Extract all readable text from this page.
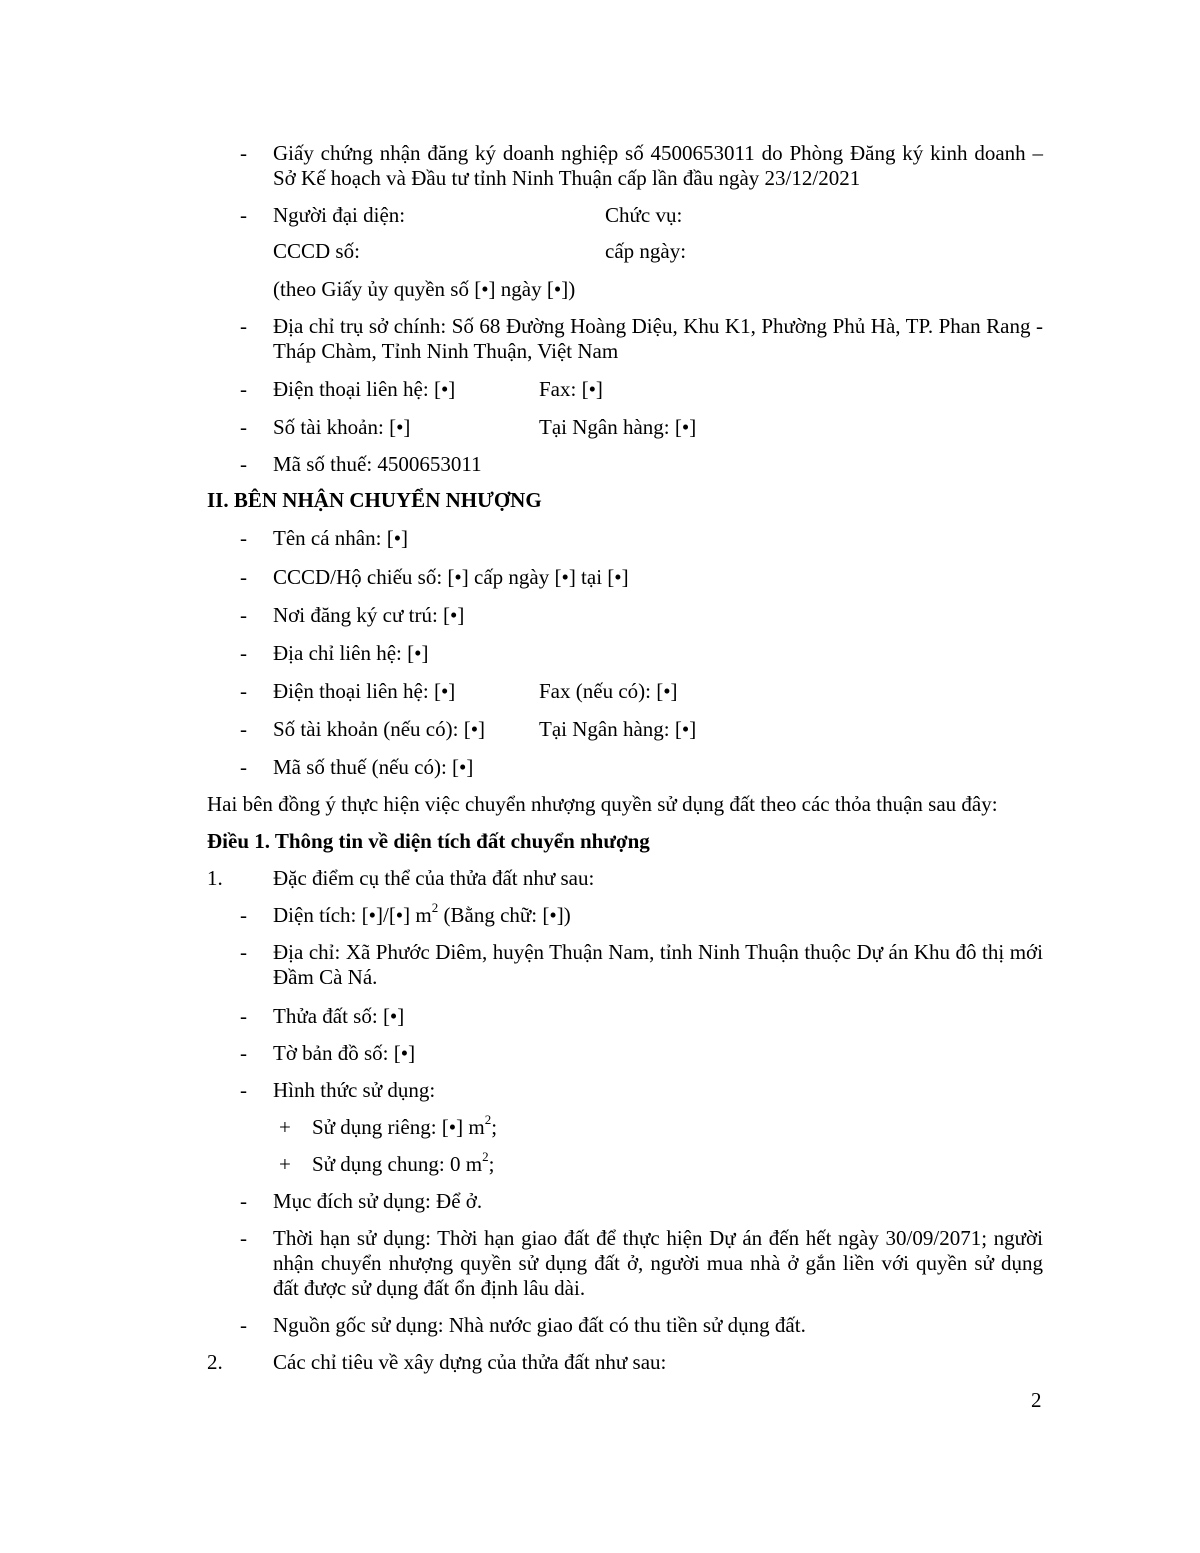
- Giấy chứng nhận đăng ký doanh nghiệp số 4500653011 do Phòng Đăng ký kinh doanh – Sở Kế hoạch và Đầu tư tỉnh Ninh Thuận cấp lần đầu ngày 23/12/2021
- Người đại diện:	Chức vụ:
CCCD số:	cấp ngày:
(theo Giấy ủy quyền số [•] ngày [•])
- Địa chỉ trụ sở chính: Số 68 Đường Hoàng Diệu, Khu K1, Phường Phủ Hà, TP. Phan Rang - Tháp Chàm, Tỉnh Ninh Thuận, Việt Nam
- Điện thoại liên hệ: [•]	Fax: [•]
- Số tài khoản: [•]	Tại Ngân hàng: [•]
- Mã số thuế: 4500653011
II. BÊN NHẬN CHUYỂN NHƯỢNG
- Tên cá nhân: [•]
- CCCD/Hộ chiếu số: [•] cấp ngày [•] tại [•]
- Nơi đăng ký cư trú: [•]
- Địa chỉ liên hệ: [•]
- Điện thoại liên hệ: [•]	Fax (nếu có): [•]
- Số tài khoản (nếu có): [•]	Tại Ngân hàng: [•]
- Mã số thuế (nếu có): [•]
Hai bên đồng ý thực hiện việc chuyển nhượng quyền sử dụng đất theo các thỏa thuận sau đây:
Điều 1. Thông tin về diện tích đất chuyển nhượng
1. Đặc điểm cụ thể của thửa đất như sau:
- Diện tích: [•]/[•] $m^2$ (Bằng chữ: [•])
- Địa chỉ: Xã Phước Diêm, huyện Thuận Nam, tỉnh Ninh Thuận thuộc Dự án Khu đô thị mới Đầm Cà Ná.
- Thửa đất số: [•]
- Tờ bản đồ số: [•]
- Hình thức sử dụng:
+ Sử dụng riêng: [•] $m^2$;
+ Sử dụng chung: 0 $m^2$;
- Mục đích sử dụng: Để ở.
- Thời hạn sử dụng: Thời hạn giao đất để thực hiện Dự án đến hết ngày 30/09/2071; người nhận chuyển nhượng quyền sử dụng đất ở, người mua nhà ở gắn liền với quyền sử dụng đất được sử dụng đất ổn định lâu dài.
- Nguồn gốc sử dụng: Nhà nước giao đất có thu tiền sử dụng đất.
2. Các chỉ tiêu về xây dựng của thửa đất như sau:
2
